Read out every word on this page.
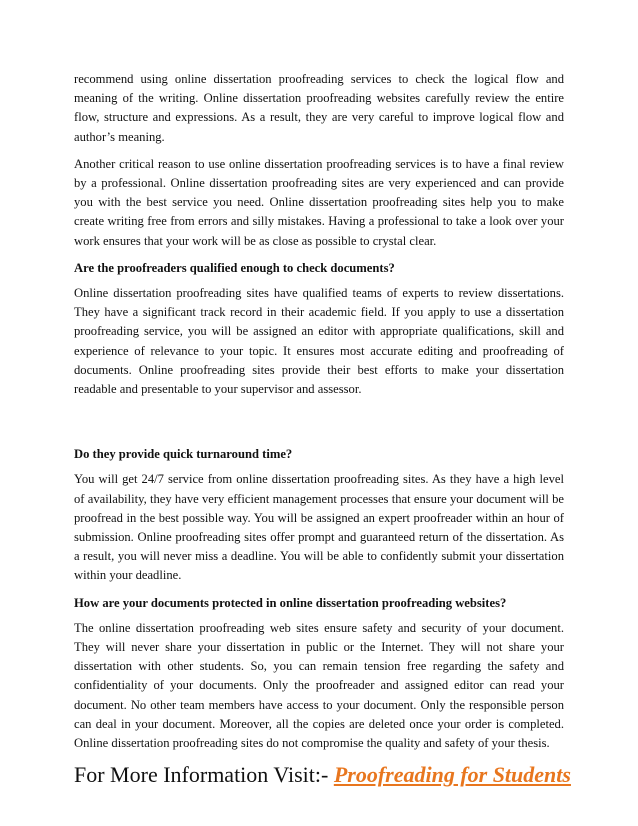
recommend using online dissertation proofreading services to check the logical flow and meaning of the writing. Online dissertation proofreading websites carefully review the entire flow, structure and expressions. As a result, they are very careful to improve logical flow and author’s meaning.

Another critical reason to use online dissertation proofreading services is to have a final review by a professional. Online dissertation proofreading sites are very experienced and can provide you with the best service you need. Online dissertation proofreading sites help you to make create writing free from errors and silly mistakes. Having a professional to take a look over your work ensures that your work will be as close as possible to crystal clear.

Are the proofreaders qualified enough to check documents?

Online dissertation proofreading sites have qualified teams of experts to review dissertations. They have a significant track record in their academic field. If you apply to use a dissertation proofreading service, you will be assigned an editor with appropriate qualifications, skill and experience of relevance to your topic. It ensures most accurate editing and proofreading of documents. Online proofreading sites provide their best efforts to make your dissertation readable and presentable to your supervisor and assessor.

Do they provide quick turnaround time?

You will get 24/7 service from online dissertation proofreading sites. As they have a high level of availability, they have very efficient management processes that ensure your document will be proofread in the best possible way. You will be assigned an expert proofreader within an hour of submission. Online proofreading sites offer prompt and guaranteed return of the dissertation. As a result, you will never miss a deadline. You will be able to confidently submit your dissertation within your deadline.

How are your documents protected in online dissertation proofreading websites?

The online dissertation proofreading web sites ensure safety and security of your document. They will never share your dissertation in public or the Internet. They will not share your dissertation with other students. So, you can remain tension free regarding the safety and confidentiality of your documents. Only the proofreader and assigned editor can read your document. No other team members have access to your document. Only the responsible person can deal in your document. Moreover, all the copies are deleted once your order is completed. Online dissertation proofreading sites do not compromise the quality and safety of your thesis.

For More Information Visit:- Proofreading for Students
